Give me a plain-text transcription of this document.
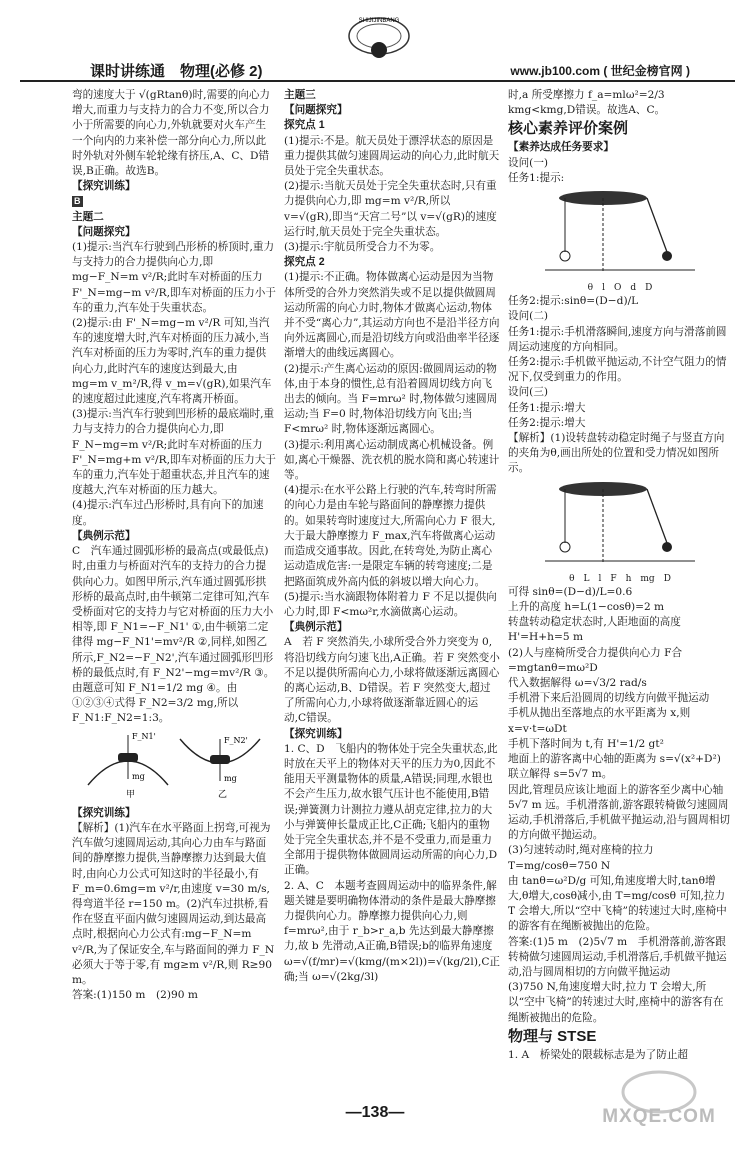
SHIJIJINBANG
课时讲练通　物理(必修 2)	www.jb100.com ( 世纪金榜官网 )

弯的速度大于 √(gRtanθ)时,需要的向心力增大,而重力与支持力的合力不变,所以合力小于所需要的向心力,外轨就要对火车产生一个向内的力来补偿一部分向心力,所以此时外轨对外侧车轮轮缘有挤压,A、C、D错误,B正确。故选B。

【探究训练】

B

主题二

【问题探究】

(1)提示:当汽车行驶到凸形桥的桥顶时,重力与支持力的合力提供向心力,即 mg−F_N=m v²/R;此时车对桥面的压力 F'_N=mg−m v²/R,即车对桥面的压力小于车的重力,汽车处于失重状态。

(2)提示:由 F'_N=mg−m v²/R 可知,当汽车的速度增大时,汽车对桥面的压力减小,当汽车对桥面的压力为零时,汽车的重力提供向心力,此时汽车的速度达到最大,由 mg=m v_m²/R,得 v_m=√(gR),如果汽车的速度超过此速度,汽车将离开桥面。

(3)提示:当汽车行驶到凹形桥的最底端时,重力与支持力的合力提供向心力,即 F_N−mg=m v²/R;此时车对桥面的压力 F'_N=mg+m v²/R,即车对桥面的压力大于车的重力,汽车处于超重状态,并且汽车的速度越大,汽车对桥面的压力越大。

(4)提示:汽车过凸形桥时,具有向下的加速度。

【典例示范】

C　汽车通过圆弧形桥的最高点(或最低点)时,由重力与桥面对汽车的支持力的合力提供向心力。如图甲所示,汽车通过圆弧形拱形桥的最高点时,由牛顿第二定律可知,汽车受桥面对它的支持力与它对桥面的压力大小相等,即 F_N1=−F_N1' ①,由牛顿第二定律得 mg−F_N1'=mv²/R ②,同样,如图乙所示,F_N2=−F_N2',汽车通过圆弧形凹形桥的最低点时,有 F_N2'−mg=mv²/R ③。由题意可知 F_N1=1/2 mg ④。由①②③④式得 F_N2=3/2 mg,所以 F_N1:F_N2=1:3。

F_N1'
mg
甲
F_N2'
mg
乙

【探究训练】

【解析】(1)汽车在水平路面上拐弯,可视为汽车做匀速圆周运动,其向心力由车与路面间的静摩擦力提供,当静摩擦力达到最大值时,由向心力公式可知这时的半径最小,有 F_m=0.6mg=m v²/r,由速度 v=30 m/s,得弯道半径 r=150 m。(2)汽车过拱桥,看作在竖直平面内做匀速圆周运动,到达最高点时,根据向心力公式有:mg−F_N=m v²/R,为了保证安全,车与路面间的弹力 F_N 必须大于等于零,有 mg≥m v²/R,则 R≥90 m。

答案:(1)150 m　(2)90 m

主题三

【问题探究】

探究点 1

(1)提示:不是。航天员处于漂浮状态的原因是重力提供其做匀速圆周运动的向心力,此时航天员处于完全失重状态。

(2)提示:当航天员处于完全失重状态时,只有重力提供向心力,即 mg=m v²/R,所以 v=√(gR),即当“天宫二号”以 v=√(gR)的速度运行时,航天员处于完全失重状态。

(3)提示:宇航员所受合力不为零。

探究点 2

(1)提示:不正确。物体做离心运动是因为当物体所受的合外力突然消失或不足以提供做圆周运动所需的向心力时,物体才做离心运动,物体并不受“离心力”,其运动方向也不是沿半径方向向外远离圆心,而是沿切线方向或沿曲率半径逐渐增大的曲线远离圆心。

(2)提示:产生离心运动的原因:做圆周运动的物体,由于本身的惯性,总有沿着圆周切线方向飞出去的倾向。当 F=mrω² 时,物体做匀速圆周运动;当 F=0 时,物体沿切线方向飞出;当 F<mrω² 时,物体逐渐远离圆心。

(3)提示:利用离心运动制成离心机械设备。例如,离心干燥器、洗衣机的脱水筒和离心转速计等。

(4)提示:在水平公路上行驶的汽车,转弯时所需的向心力是由车轮与路面间的静摩擦力提供的。如果转弯时速度过大,所需向心力 F 很大,大于最大静摩擦力 F_max,汽车将做离心运动而造成交通事故。因此,在转弯处,为防止离心运动造成危害:一是限定车辆的转弯速度;二是把路面筑成外高内低的斜坡以增大向心力。

(5)提示:当水滴跟物体附着力 F 不足以提供向心力时,即 F<mω²r,水滴做离心运动。

【典例示范】

A　若 F 突然消失,小球所受合外力突变为 0,将沿切线方向匀速飞出,A正确。若 F 突然变小不足以提供所需向心力,小球将做逐渐远离圆心的离心运动,B、D错误。若 F 突然变大,超过了所需向心力,小球将做逐渐靠近圆心的运动,C错误。

【探究训练】

1. C、D　飞船内的物体处于完全失重状态,此时放在天平上的物体对天平的压力为0,因此不能用天平测量物体的质量,A错误;同理,水银也不会产生压力,故水银气压计也不能使用,B错误;弹簧测力计测拉力遵从胡克定律,拉力的大小与弹簧伸长量成正比,C正确;飞船内的重物处于完全失重状态,并不是不受重力,而是重力全部用于提供物体做圆周运动所需的向心力,D正确。

2. A、C　本题考查圆周运动中的临界条件,解题关键是要明确物体滑动的条件是最大静摩擦力提供向心力。静摩擦力提供向心力,则 f=mrω²,由于 r_b>r_a,b 先达到最大静摩擦力,故 b 先滑动,A正确,B错误;b的临界角速度 ω=√(f/mr)=√(kmg/(m×2l))=√(kg/2l),C正确;当 ω=√(2kg/3l)

时,a 所受摩擦力 f_a=mlω²=2/3 kmg<kmg,D错误。故选A、C。

核心素养评价案例

【素养达成任务要求】

设问(一)

任务1:提示:

θ　l　O　d　D

任务2:提示:sinθ=(D−d)/L

设问(二)

任务1:提示:手机滑落瞬间,速度方向与滑落前圆周运动速度的方向相同。

任务2:提示:手机做平抛运动,不计空气阻力的情况下,仅受到重力的作用。

设问(三)

任务1:提示:增大

任务2:提示:增大

【解析】(1)设转盘转动稳定时绳子与竖直方向的夹角为θ,画出所处的位置和受力情况如图所示。

θ　L　l　F　h　mg　D

可得 sinθ=(D−d)/L=0.6

上升的高度 h=L(1−cosθ)=2 m

转盘转动稳定状态时,人距地面的高度 H'=H+h=5 m

(2)人与座椅所受合力提供向心力 F合=mgtanθ=mω²D

代入数据解得 ω=√3/2 rad/s

手机滑下来后沿圆周的切线方向做平抛运动

手机从抛出至落地点的水平距离为 x,则 x=v·t=ωDt

手机下落时间为 t,有 H'=1/2 gt²

地面上的游客离中心轴的距离为 s=√(x²+D²)

联立解得 s=5√7 m。

因此,管理员应该让地面上的游客至少离中心轴 5√7 m 远。手机滑落前,游客跟转椅做匀速圆周运动,手机滑落后,手机做平抛运动,沿与圆周相切的方向做平抛运动。

(3)匀速转动时,绳对座椅的拉力 T=mg/cosθ=750 N

由 tanθ=ω²D/g 可知,角速度增大时,tanθ增大,θ增大,cosθ减小,由 T=mg/cosθ 可知,拉力 T 会增大,所以“空中飞椅”的转速过大时,座椅中的游客有在绳断被抛出的危险。

答案:(1)5 m　(2)5√7 m　手机滑落前,游客跟转椅做匀速圆周运动,手机滑落后,手机做平抛运动,沿与圆周相切的方向做平抛运动

(3)750 N,角速度增大时,拉力 T 会增大,所以“空中飞椅”的转速过大时,座椅中的游客有在绳断被抛出的危险。

物理与 STSE

1. A　桥梁处的限载标志是为了防止超

—138—	MXQE.COM
